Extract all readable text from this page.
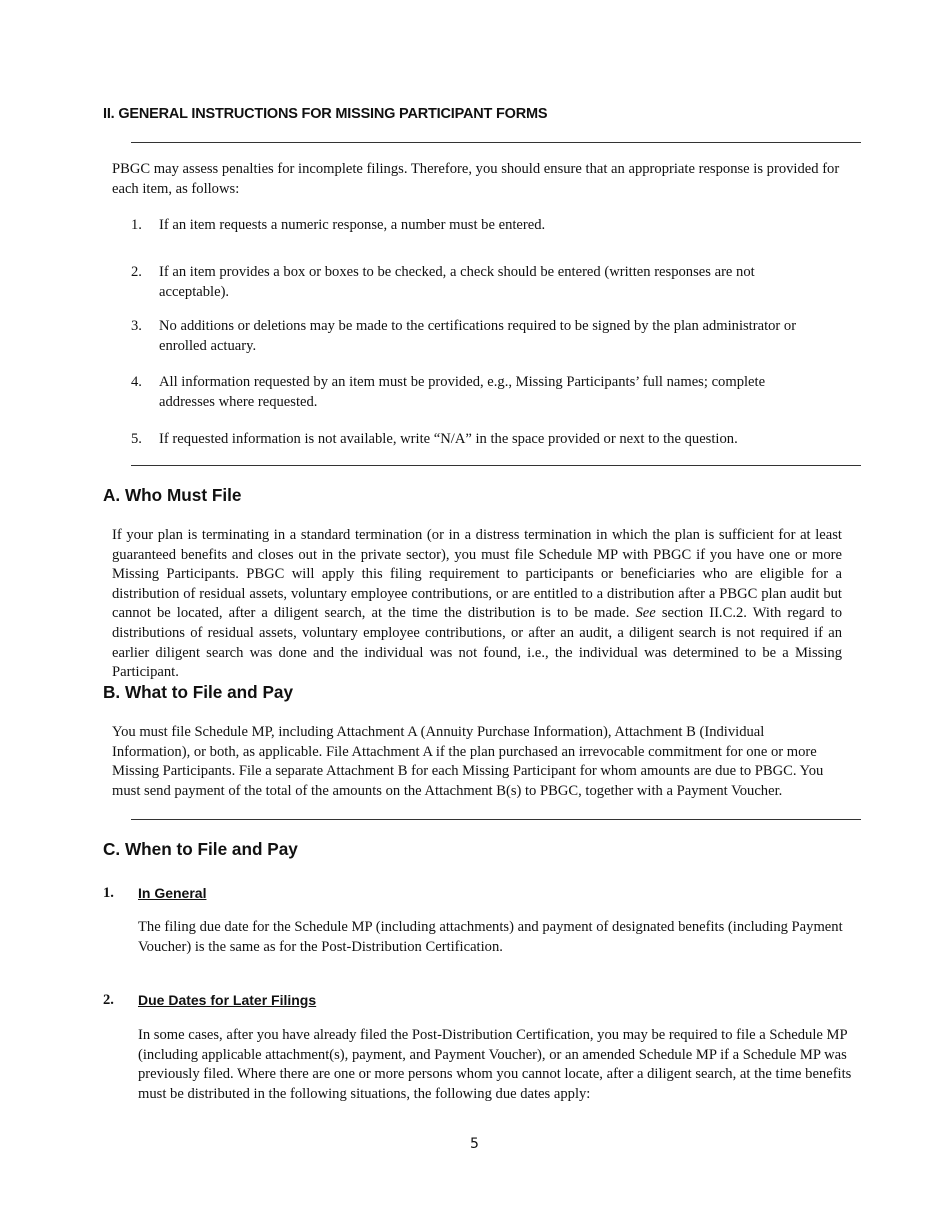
II. GENERAL INSTRUCTIONS FOR MISSING PARTICIPANT FORMS

PBGC may assess penalties for incomplete filings. Therefore, you should ensure that an appropriate response is provided for each item, as follows:

1. If an item requests a numeric response, a number must be entered.
2. If an item provides a box or boxes to be checked, a check should be entered (written responses are not acceptable).
3. No additions or deletions may be made to the certifications required to be signed by the plan administrator or enrolled actuary.
4. All information requested by an item must be provided, e.g., Missing Participants’ full names; complete addresses where requested.
5. If requested information is not available, write “N/A” in the space provided or next to the question.
A. Who Must File

If your plan is terminating in a standard termination (or in a distress termination in which the plan is sufficient for at least guaranteed benefits and closes out in the private sector), you must file Schedule MP with PBGC if you have one or more Missing Participants. PBGC will apply this filing requirement to participants or beneficiaries who are eligible for a distribution of residual assets, voluntary employee contributions, or are entitled to a distribution after a PBGC plan audit but cannot be located, after a diligent search, at the time the distribution is to be made. See section II.C.2. With regard to distributions of residual assets, voluntary employee contributions, or after an audit, a diligent search is not required if an earlier diligent search was done and the individual was not found, i.e., the individual was determined to be a Missing Participant.

B. What to File and Pay

You must file Schedule MP, including Attachment A (Annuity Purchase Information), Attachment B (Individual Information), or both, as applicable. File Attachment A if the plan purchased an irrevocable commitment for one or more Missing Participants. File a separate Attachment B for each Missing Participant for whom amounts are due to PBGC. You must send payment of the total of the amounts on the Attachment B(s) to PBGC, together with a Payment Voucher.

C. When to File and Pay
1. In General

The filing due date for the Schedule MP (including attachments) and payment of designated benefits (including Payment Voucher) is the same as for the Post-Distribution Certification.

2. Due Dates for Later Filings

In some cases, after you have already filed the Post-Distribution Certification, you may be required to file a Schedule MP (including applicable attachment(s), payment, and Payment Voucher), or an amended Schedule MP if a Schedule MP was previously filed. Where there are one or more persons whom you cannot locate, after a diligent search, at the time benefits must be distributed in the following situations, the following due dates apply:

5
